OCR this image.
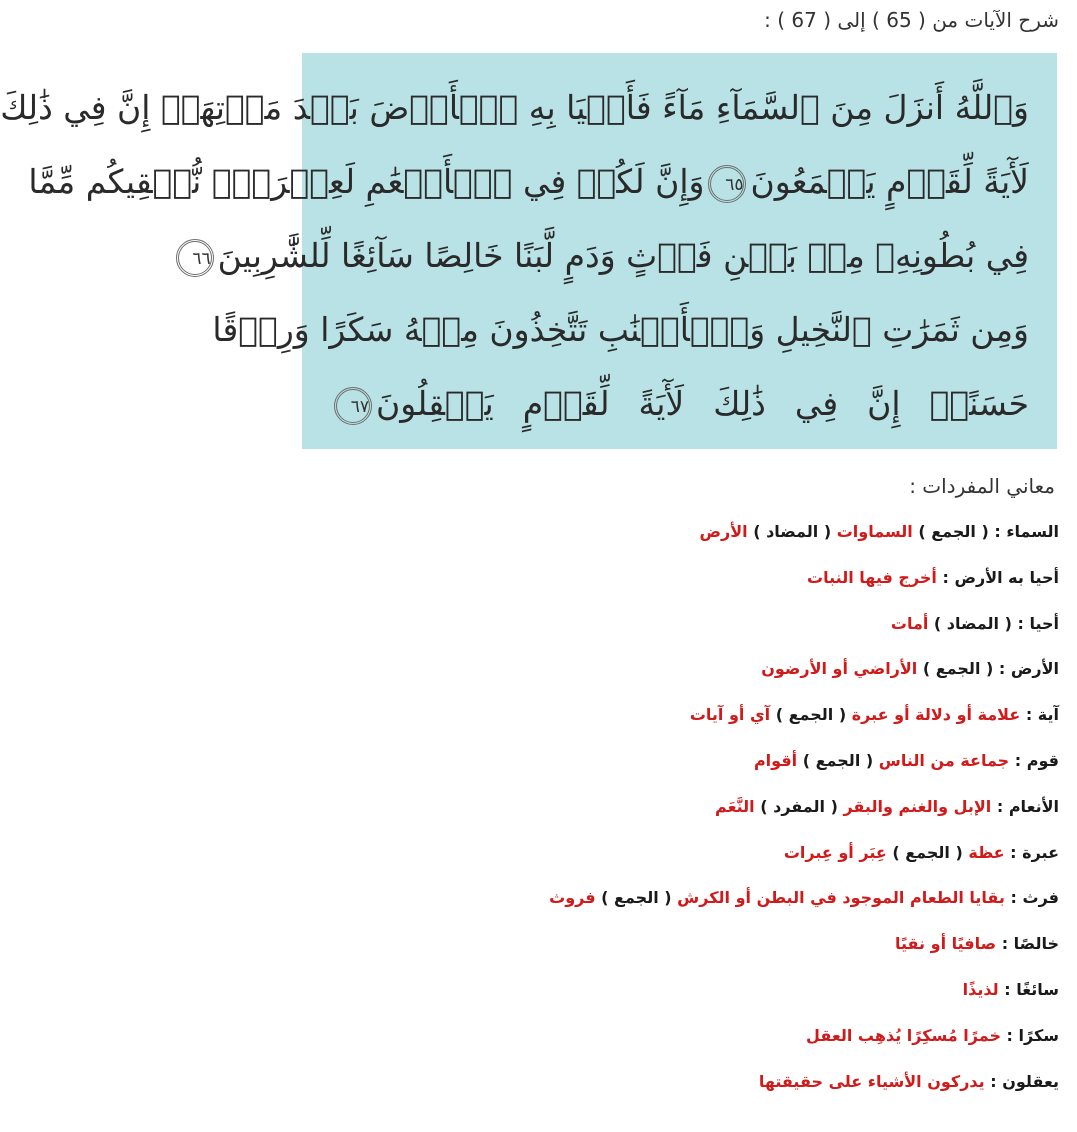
شرح الآيات من ( 65 ) إلى ( 67 ) :
وَٱللَّهُ أَنزَلَ مِنَ ٱلسَّمَآءِ مَآءً فَأَحۡيَا بِهِ ٱلۡأَرۡضَ بَعۡدَ مَوۡتِهَآۚ إِنَّ فِي ذَٰلِكَ
لَأٓيَةً لِّقَوۡمٍ يَسۡمَعُونَ٦٥وَإِنَّ لَكُمۡ فِي ٱلۡأَنۡعَٰمِ لَعِبۡرَةًۖ نُّسۡقِيكُم مِّمَّا
فِي بُطُونِهِۦ مِنۢ بَيۡنِ فَرۡثٍ وَدَمٍ لَّبَنًا خَالِصًا سَآئِغًا لِّلشَّٰرِبِينَ٦٦
وَمِن ثَمَرَٰتِ ٱلنَّخِيلِ وَٱلۡأَعۡنَٰبِ تَتَّخِذُونَ مِنۡهُ سَكَرًا وَرِزۡقًا
حَسَنًاۚ إِنَّ فِي ذَٰلِكَ لَأٓيَةً لِّقَوۡمٍ يَعۡقِلُونَ٦٧
معاني المفردات :
السماء : ( الجمع ) السماوات ( المضاد ) الأرض
أحيا به الأرض : أخرج فيها النبات
أحيا : ( المضاد ) أمات
الأرض : ( الجمع ) الأراضي أو الأرضون
آية : علامة أو دلالة أو عبرة ( الجمع ) آي أو آيات
قوم : جماعة من الناس ( الجمع ) أقوام
الأنعام : الإبل والغنم والبقر ( المفرد ) النَّعَم
عبرة : عظة ( الجمع ) عِبَر أو عِبرات
فرث : بقايا الطعام الموجود في البطن أو الكرش ( الجمع ) فروث
خالصًا : صافيًا أو نقيًا
سائغًا : لذيذًا
سكرًا : خمرًا مُسكِرًا يُذهِب العقل
يعقلون : يدركون الأشياء على حقيقتها
